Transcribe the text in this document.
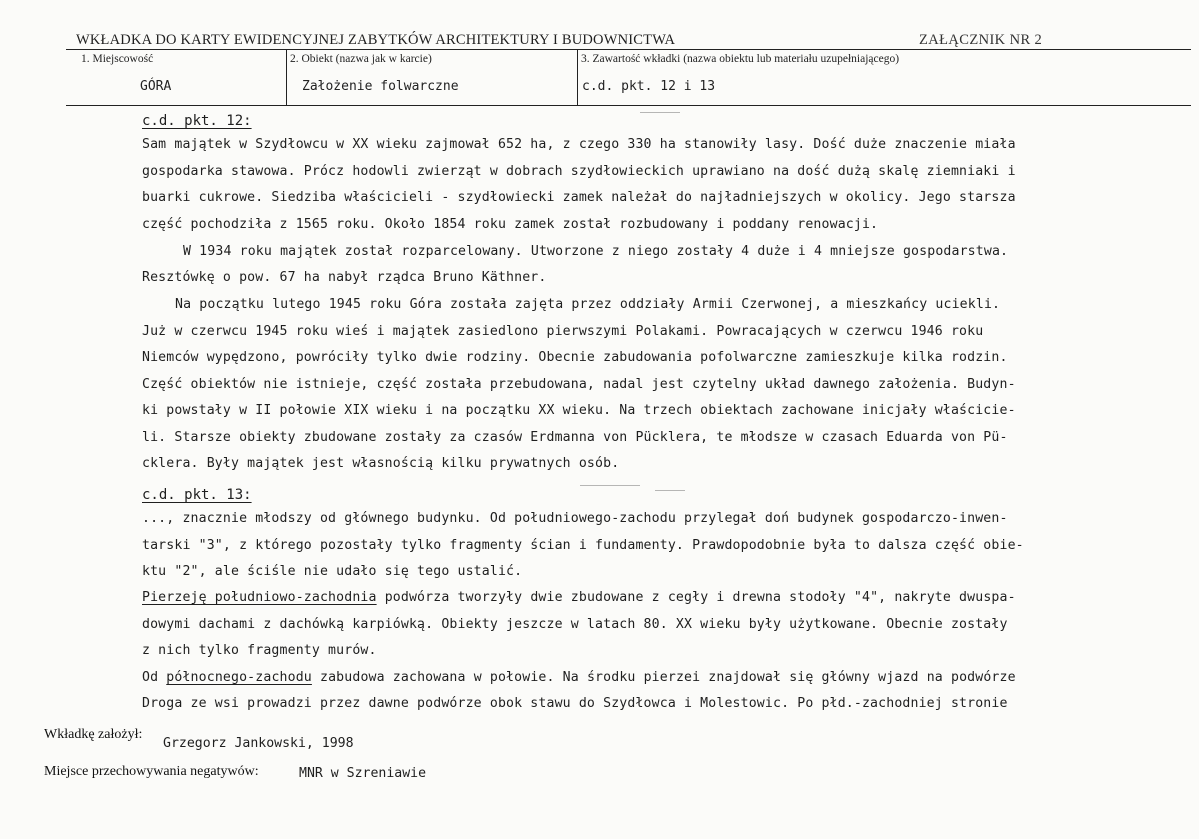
WKŁADKA DO KARTY EWIDENCYJNEJ ZABYTKÓW ARCHITEKTURY I BUDOWNICTWA	ZAŁĄCZNIK NR 2
1. Miejscowość
GÓRA
2. Obiekt (nazwa jak w karcie)
Założenie folwarczne
3. Zawartość wkładki (nazwa obiektu lub materiału uzupełniającego)
c.d. pkt. 12 i 13
c.d. pkt. 12:
Sam majątek w Szydłowcu w XX wieku zajmował 652 ha, z czego 330 ha stanowiły lasy. Dość duże znaczenie miała
gospodarka stawowa. Prócz hodowli zwierząt w dobrach szydłowieckich uprawiano na dość dużą skalę ziemniaki i
buarki cukrowe. Siedziba właścicieli - szydłowiecki zamek należał do najładniejszych w okolicy. Jego starsza
część pochodziła z 1565 roku. Około 1854 roku zamek został rozbudowany i poddany renowacji.
W 1934 roku majątek został rozparcelowany. Utworzone z niego zostały 4 duże i 4 mniejsze gospodarstwa.
Resztówkę o pow. 67 ha nabył rządca Bruno Käthner.
Na początku lutego 1945 roku Góra została zajęta przez oddziały Armii Czerwonej, a mieszkańcy uciekli.
Już w czerwcu 1945 roku wieś i majątek zasiedlono pierwszymi Polakami. Powracających w czerwcu 1946 roku
Niemców wypędzono, powróciły tylko dwie rodziny. Obecnie zabudowania pofolwarczne zamieszkuje kilka rodzin.
Część obiektów nie istnieje, część została przebudowana, nadal jest czytelny układ dawnego założenia. Budyn-
ki powstały w II połowie XIX wieku i na początku XX wieku. Na trzech obiektach zachowane inicjały właściciе-
li. Starsze obiekty zbudowane zostały za czasów Erdmanna von Pücklera, te młodsze w czasach Eduarda von Pü-
cklera. Były majątek jest własnością kilku prywatnych osób.
c.d. pkt. 13:
..., znacznie młodszy od głównego budynku. Od południowego-zachodu przylegał doń budynek gospodarczo-inwen-
tarski "3", z którego pozostały tylko fragmenty ścian i fundamenty. Prawdopodobnie była to dalsza część obie-
ktu "2", ale ściśle nie udało się tego ustalić.
Pierzeję południowo-zachodnia podwórza tworzyły dwie zbudowane z cegły i drewna stodoły "4", nakryte dwuspa-
dowymi dachami z dachówką karpiówką. Obiekty jeszcze w latach 80. XX wieku były użytkowane. Obecnie zostały
z nich tylko fragmenty murów.
Od północnego-zachodu zabudowa zachowana w połowie. Na środku pierzei znajdował się główny wjazd na podwórze
Droga ze wsi prowadzi przez dawne podwórze obok stawu do Szydłowca i Molestowic. Po płd.-zachodniej stronie
Wkładkę założył:
Grzegorz Jankowski, 1998
Miejsce przechowywania negatywów:	MNR w Szreniawie
